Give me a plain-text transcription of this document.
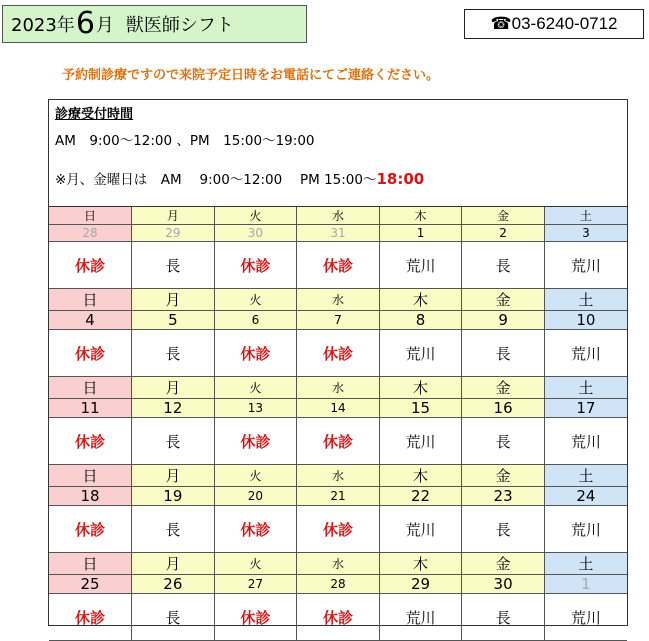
2023年 6 月 獣医師シフト	☎03-6240-0712
予約制診療ですので来院予定日時をお電話にてご連絡ください。
診療受付時間
AM　9:00～12:00 、PM　15:00～19:00
※月、金曜日は　AM　 9:00～12:00　 PM 15:00～18:00
日	月	火	水	木	金	土
28	29	30	31	1	2	3
休診	長	休診	休診	荒川	長	荒川
日	月	火	水	木	金	土
4	5	6	7	8	9	10
休診	長	休診	休診	荒川	長	荒川
日	月	火	水	木	金	土
11	12	13	14	15	16	17
休診	長	休診	休診	荒川	長	荒川
日	月	火	水	木	金	土
18	19	20	21	22	23	24
休診	長	休診	休診	荒川	長	荒川
日	月	火	水	木	金	土
25	26	27	28	29	30	1
休診	長	休診	休診	荒川	長	荒川
